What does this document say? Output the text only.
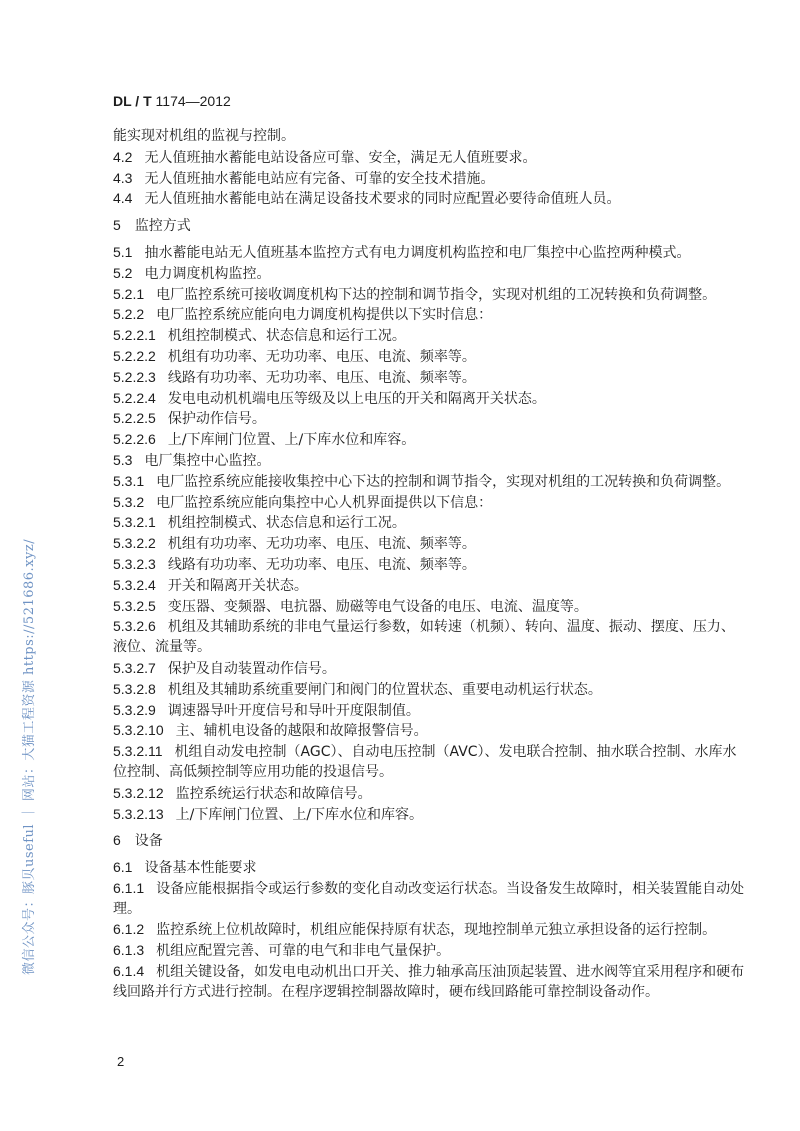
DL / T 1174—2012
能实现对机组的监视与控制。
4.2 无人值班抽水蓄能电站设备应可靠、安全，满足无人值班要求。
4.3 无人值班抽水蓄能电站应有完备、可靠的安全技术措施。
4.4 无人值班抽水蓄能电站在满足设备技术要求的同时应配置必要待命值班人员。
5 监控方式
5.1 抽水蓄能电站无人值班基本监控方式有电力调度机构监控和电厂集控中心监控两种模式。
5.2 电力调度机构监控。
5.2.1 电厂监控系统可接收调度机构下达的控制和调节指令，实现对机组的工况转换和负荷调整。
5.2.2 电厂监控系统应能向电力调度机构提供以下实时信息：
5.2.2.1 机组控制模式、状态信息和运行工况。
5.2.2.2 机组有功功率、无功功率、电压、电流、频率等。
5.2.2.3 线路有功功率、无功功率、电压、电流、频率等。
5.2.2.4 发电电动机机端电压等级及以上电压的开关和隔离开关状态。
5.2.2.5 保护动作信号。
5.2.2.6 上/下库闸门位置、上/下库水位和库容。
5.3 电厂集控中心监控。
5.3.1 电厂监控系统应能接收集控中心下达的控制和调节指令，实现对机组的工况转换和负荷调整。
5.3.2 电厂监控系统应能向集控中心人机界面提供以下信息：
5.3.2.1 机组控制模式、状态信息和运行工况。
5.3.2.2 机组有功功率、无功功率、电压、电流、频率等。
5.3.2.3 线路有功功率、无功功率、电压、电流、频率等。
5.3.2.4 开关和隔离开关状态。
5.3.2.5 变压器、变频器、电抗器、励磁等电气设备的电压、电流、温度等。
5.3.2.6 机组及其辅助系统的非电气量运行参数，如转速（机频）、转向、温度、振动、摆度、压力、
液位、流量等。
5.3.2.7 保护及自动装置动作信号。
5.3.2.8 机组及其辅助系统重要闸门和阀门的位置状态、重要电动机运行状态。
5.3.2.9 调速器导叶开度信号和导叶开度限制值。
5.3.2.10 主、辅机电设备的越限和故障报警信号。
5.3.2.11 机组自动发电控制（AGC）、自动电压控制（AVC）、发电联合控制、抽水联合控制、水库水
位控制、高低频控制等应用功能的投退信号。
5.3.2.12 监控系统运行状态和故障信号。
5.3.2.13 上/下库闸门位置、上/下库水位和库容。
6 设备
6.1 设备基本性能要求
6.1.1 设备应能根据指令或运行参数的变化自动改变运行状态。当设备发生故障时，相关装置能自动处
理。
6.1.2 监控系统上位机故障时，机组应能保持原有状态，现地控制单元独立承担设备的运行控制。
6.1.3 机组应配置完善、可靠的电气和非电气量保护。
6.1.4 机组关键设备，如发电电动机出口开关、推力轴承高压油顶起装置、进水阀等宜采用程序和硬布
线回路并行方式进行控制。在程序逻辑控制器故障时，硬布线回路能可靠控制设备动作。
2
微信公众号：豚贝useful ｜ 网站：大猫工程资源 https://521686.xyz/
